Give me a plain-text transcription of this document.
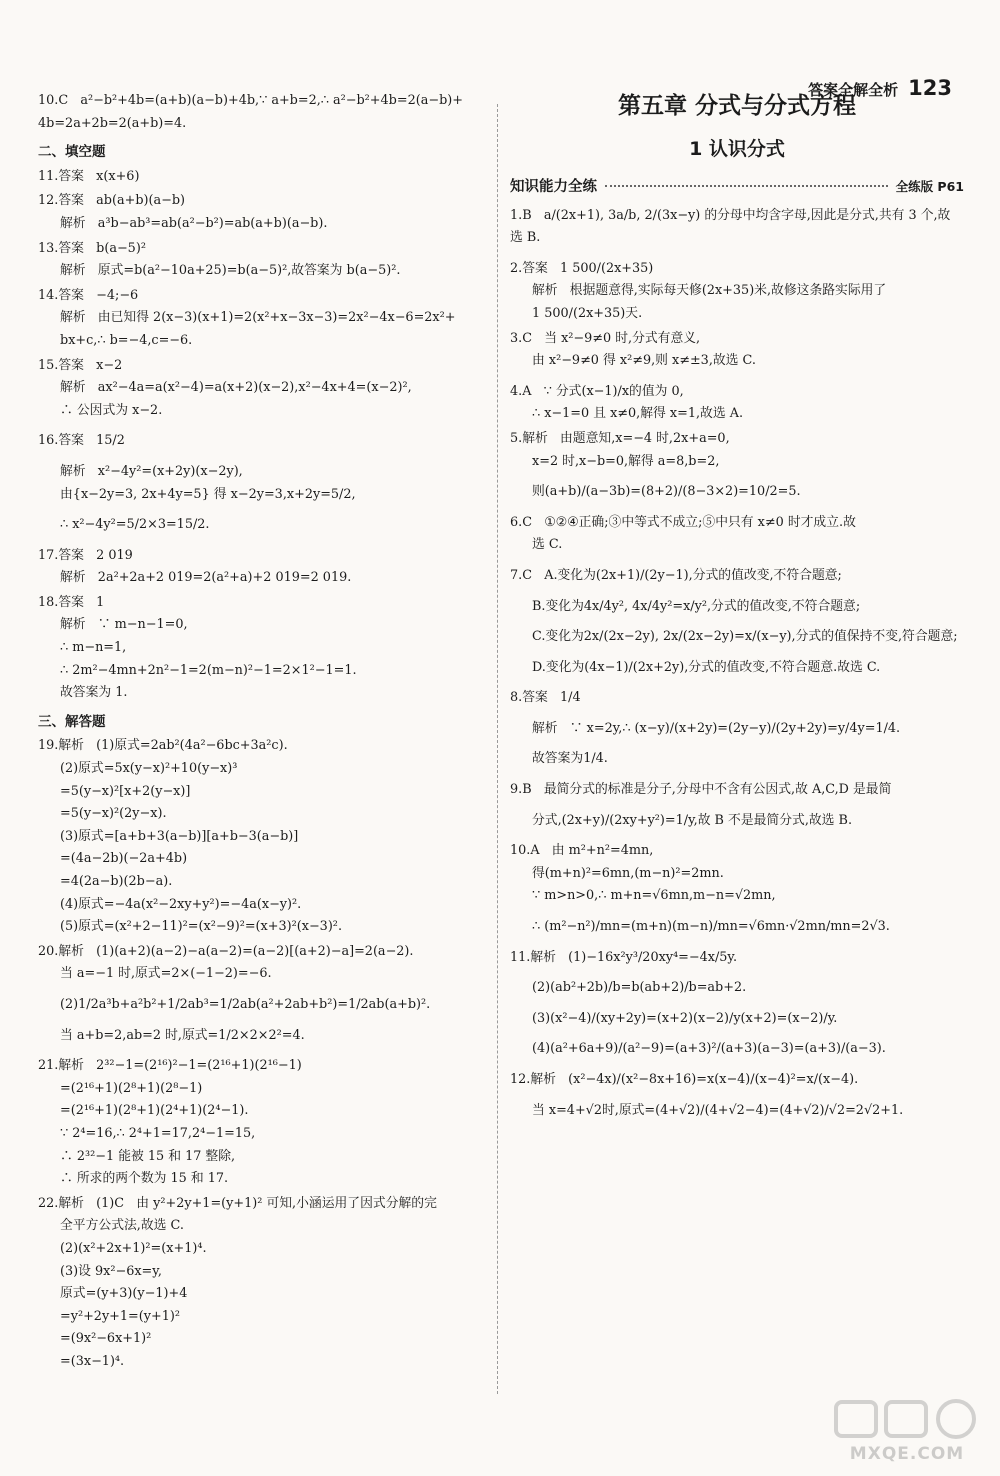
答案全解全析 123
10.C   a²−b²+4b=(a+b)(a−b)+4b,∵ a+b=2,∴ a²−b²+4b=2(a−b)+
4b=2a+2b=2(a+b)=4.
二、填空题
11.答案   x(x+6)
12.答案   ab(a+b)(a−b)
解析   a³b−ab³=ab(a²−b²)=ab(a+b)(a−b).
13.答案   b(a−5)²
解析   原式=b(a²−10a+25)=b(a−5)²,故答案为 b(a−5)².
14.答案   −4;−6
解析   由已知得 2(x−3)(x+1)=2(x²+x−3x−3)=2x²−4x−6=2x²+
bx+c,∴ b=−4,c=−6.
15.答案   x−2
解析   ax²−4a=a(x²−4)=a(x+2)(x−2),x²−4x+4=(x−2)²,
∴ 公因式为 x−2.
16.答案   15/2
解析   x²−4y²=(x+2y)(x−2y),
由{x−2y=3, 2x+4y=5} 得 x−2y=3,x+2y=5/2,
∴ x²−4y²=5/2×3=15/2.
17.答案   2 019
解析   2a²+2a+2 019=2(a²+a)+2 019=2 019.
18.答案   1
解析   ∵ m−n−1=0,
∴ m−n=1,
∴ 2m²−4mn+2n²−1=2(m−n)²−1=2×1²−1=1.
故答案为 1.
三、解答题
19.解析   (1)原式=2ab²(4a²−6bc+3a²c).
(2)原式=5x(y−x)²+10(y−x)³
=5(y−x)²[x+2(y−x)]
=5(y−x)²(2y−x).
(3)原式=[a+b+3(a−b)][a+b−3(a−b)]
=(4a−2b)(−2a+4b)
=4(2a−b)(2b−a).
(4)原式=−4a(x²−2xy+y²)=−4a(x−y)².
(5)原式=(x²+2−11)²=(x²−9)²=(x+3)²(x−3)².
20.解析   (1)(a+2)(a−2)−a(a−2)=(a−2)[(a+2)−a]=2(a−2).
当 a=−1 时,原式=2×(−1−2)=−6.
(2)1/2a³b+a²b²+1/2ab³=1/2ab(a²+2ab+b²)=1/2ab(a+b)².
当 a+b=2,ab=2 时,原式=1/2×2×2²=4.
21.解析   2³²−1=(2¹⁶)²−1=(2¹⁶+1)(2¹⁶−1)
=(2¹⁶+1)(2⁸+1)(2⁸−1)
=(2¹⁶+1)(2⁸+1)(2⁴+1)(2⁴−1).
∵ 2⁴=16,∴ 2⁴+1=17,2⁴−1=15,
∴ 2³²−1 能被 15 和 17 整除,
∴ 所求的两个数为 15 和 17.
22.解析   (1)C   由 y²+2y+1=(y+1)² 可知,小涵运用了因式分解的完
全平方公式法,故选 C.
(2)(x²+2x+1)²=(x+1)⁴.
(3)设 9x²−6x=y,
原式=(y+3)(y−1)+4
=y²+2y+1=(y+1)²
=(9x²−6x+1)²
=(3x−1)⁴.
第五章 分式与分式方程
1 认识分式
知识能力全练	全练版 P61
1.B   a/(2x+1), 3a/b, 2/(3x−y) 的分母中均含字母,因此是分式,共有 3 个,故
选 B.
2.答案   1 500/(2x+35)
解析   根据题意得,实际每天修(2x+35)米,故修这条路实际用了
1 500/(2x+35)天.
3.C   当 x²−9≠0 时,分式有意义,
由 x²−9≠0 得 x²≠9,则 x≠±3,故选 C.
4.A   ∵ 分式(x−1)/x的值为 0,
∴ x−1=0 且 x≠0,解得 x=1,故选 A.
5.解析   由题意知,x=−4 时,2x+a=0,
x=2 时,x−b=0,解得 a=8,b=2,
则(a+b)/(a−3b)=(8+2)/(8−3×2)=10/2=5.
6.C   ①②④正确;③中等式不成立;⑤中只有 x≠0 时才成立.故
选 C.
7.C   A.变化为(2x+1)/(2y−1),分式的值改变,不符合题意;
B.变化为4x/4y², 4x/4y²=x/y²,分式的值改变,不符合题意;
C.变化为2x/(2x−2y), 2x/(2x−2y)=x/(x−y),分式的值保持不变,符合题意;
D.变化为(4x−1)/(2x+2y),分式的值改变,不符合题意.故选 C.
8.答案   1/4
解析   ∵ x=2y,∴ (x−y)/(x+2y)=(2y−y)/(2y+2y)=y/4y=1/4.
故答案为1/4.
9.B   最简分式的标准是分子,分母中不含有公因式,故 A,C,D 是最简
分式,(2x+y)/(2xy+y²)=1/y,故 B 不是最简分式,故选 B.
10.A   由 m²+n²=4mn,
得(m+n)²=6mn,(m−n)²=2mn.
∵ m>n>0,∴ m+n=√6mn,m−n=√2mn,
∴ (m²−n²)/mn=(m+n)(m−n)/mn=√6mn·√2mn/mn=2√3.
11.解析   (1)−16x²y³/20xy⁴=−4x/5y.
(2)(ab²+2b)/b=b(ab+2)/b=ab+2.
(3)(x²−4)/(xy+2y)=(x+2)(x−2)/y(x+2)=(x−2)/y.
(4)(a²+6a+9)/(a²−9)=(a+3)²/(a+3)(a−3)=(a+3)/(a−3).
12.解析   (x²−4x)/(x²−8x+16)=x(x−4)/(x−4)²=x/(x−4).
当 x=4+√2时,原式=(4+√2)/(4+√2−4)=(4+√2)/√2=2√2+1.
MXQE.COM
